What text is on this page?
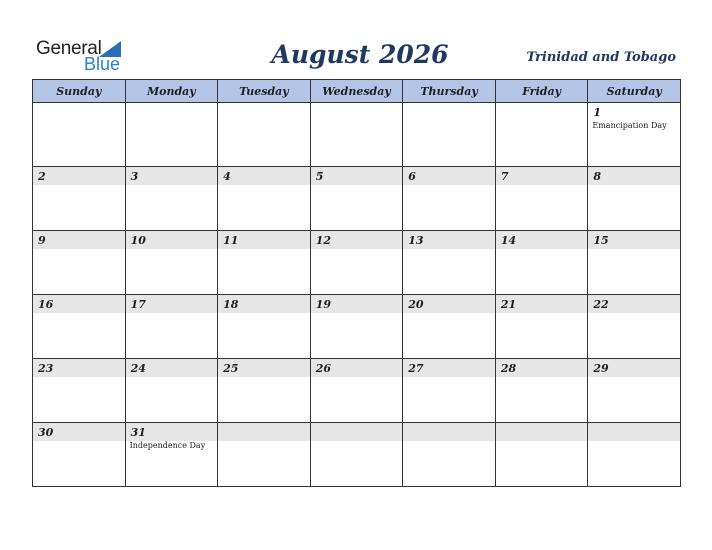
General
Blue	August 2026	Trinidad and Tobago
Sunday	Monday	Tuesday	Wednesday	Thursday	Friday	Saturday

						1
Emancipation Day

2	3	4	5	6	7	8

9	10	11	12	13	14	15

16	17	18	19	20	21	22

23	24	25	26	27	28	29

30	31
Independence Day					
